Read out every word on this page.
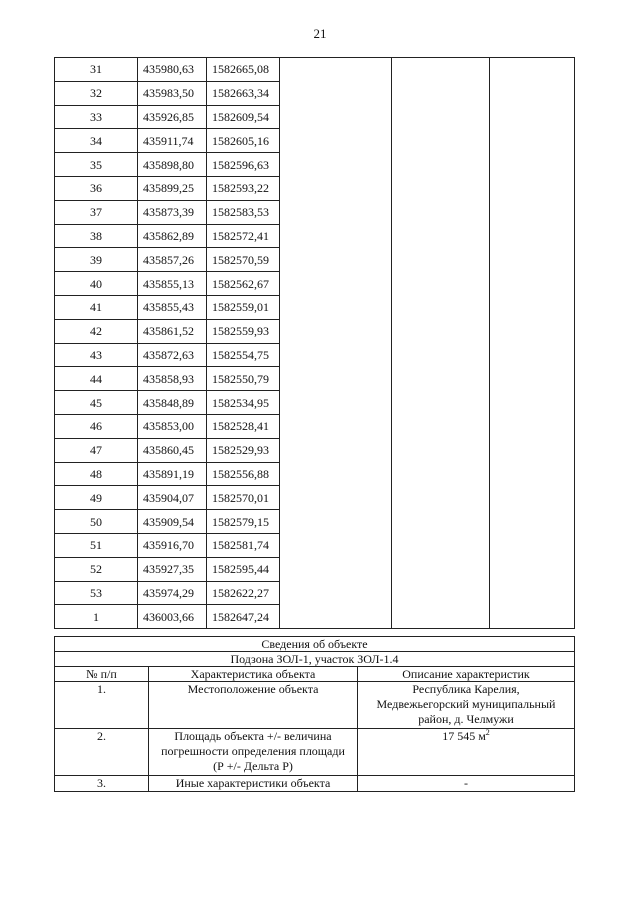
21
31	435980,63	1582665,08			
32	435983,50	1582663,34			
33	435926,85	1582609,54			
34	435911,74	1582605,16			
35	435898,80	1582596,63			
36	435899,25	1582593,22			
37	435873,39	1582583,53			
38	435862,89	1582572,41			
39	435857,26	1582570,59			
40	435855,13	1582562,67			
41	435855,43	1582559,01			
42	435861,52	1582559,93			
43	435872,63	1582554,75			
44	435858,93	1582550,79			
45	435848,89	1582534,95			
46	435853,00	1582528,41			
47	435860,45	1582529,93			
48	435891,19	1582556,88			
49	435904,07	1582570,01			
50	435909,54	1582579,15			
51	435916,70	1582581,74			
52	435927,35	1582595,44			
53	435974,29	1582622,27			
1	436003,66	1582647,24			
Сведения об объекте		
Подзона ЗОЛ-1, участок ЗОЛ-1.4		
№ п/п	Характеристика объекта	Описание характеристик
1.	Местоположение объекта	Республика Карелия,
Медвежьегорский муниципальный
район, д. Челмужи

2.	Площадь объекта +/- величина
погрешности определения площади
(Р +/- Дельта Р)	17 545 $м^2$
3.	Иные характеристики объекта	-
